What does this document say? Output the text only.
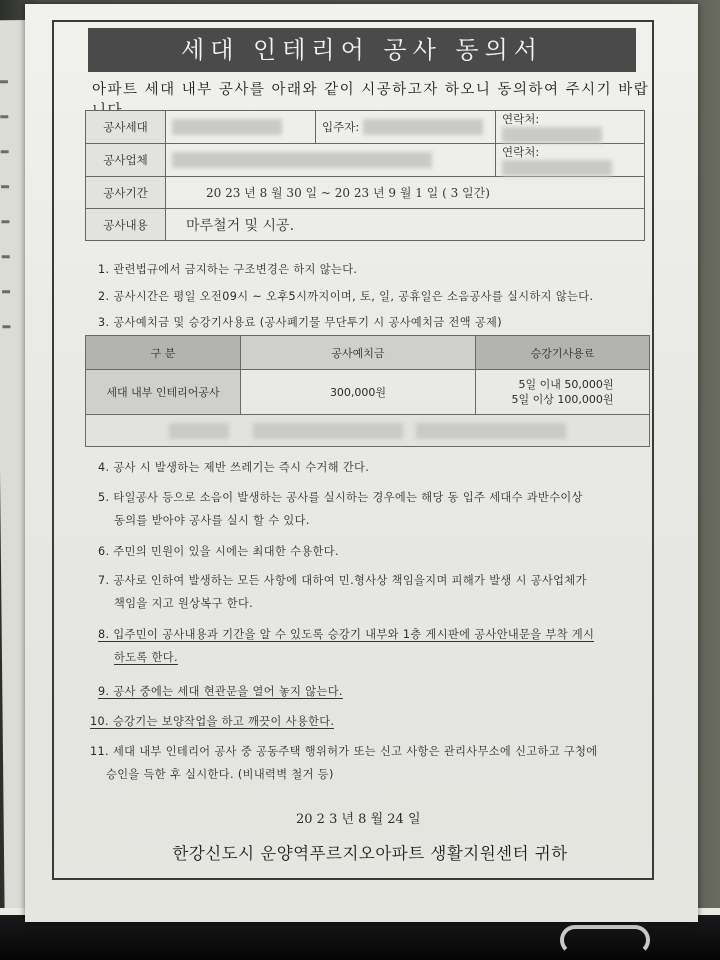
세대 인테리어 공사 동의서
아파트 세대 내부 공사를 아래와 같이 시공하고자 하오니 동의하여 주시기 바랍
공사세대		입주자:	연락처:
공사업체			연락처:
공사기간	20 23 년 8 월 30 일 ~ 20 23 년 9 월 1 일 ( 3 일간)		
공사내용	마루철거 및 시공.		
1. 관련법규에서 금지하는 구조변경은 하지 않는다.
2. 공사시간은 평일 오전09시 ~ 오후5시까지이며, 토, 일, 공휴일은 소음공사를 실시하지 않는다.
3. 공사예치금 및 승강기사용료 (공사폐기물 무단투기 시 공사예치금 전액 공제)
구 분	공사예치금	승강기사용료
세대 내부 인테리어공사	300,000원	5일 이내 50,000원
5일 이상 100,000원

4. 공사 시 발생하는 제반 쓰레기는 즉시 수거해 간다.
5. 타일공사 등으로 소음이 발생하는 공사를 실시하는 경우에는 해당 동 입주 세대수 과반수이상
동의를 받아야 공사를 실시 할 수 있다.
6. 주민의 민원이 있을 시에는 최대한 수용한다.
7. 공사로 인하여 발생하는 모든 사항에 대하여 민.형사상 책임을지며 피해가 발생 시 공사업체가
책임을 지고 원상복구 한다.
8. 입주민이 공사내용과 기간을 알 수 있도록 승강기 내부와 1층 게시판에 공사안내문을 부착 게시
하도록 한다.
9. 공사 중에는 세대 현관문을 열어 놓지 않는다.
10. 승강기는 보양작업을 하고 깨끗이 사용한다.
11. 세대 내부 인테리어 공사 중 공동주택 행위허가 또는 신고 사항은 관리사무소에 신고하고 구청에
승인을 득한 후 실시한다. (비내력벽 철거 등)
20 2 3 년 8 월 24 일
한강신도시 운양역푸르지오아파트 생활지원센터 귀하
